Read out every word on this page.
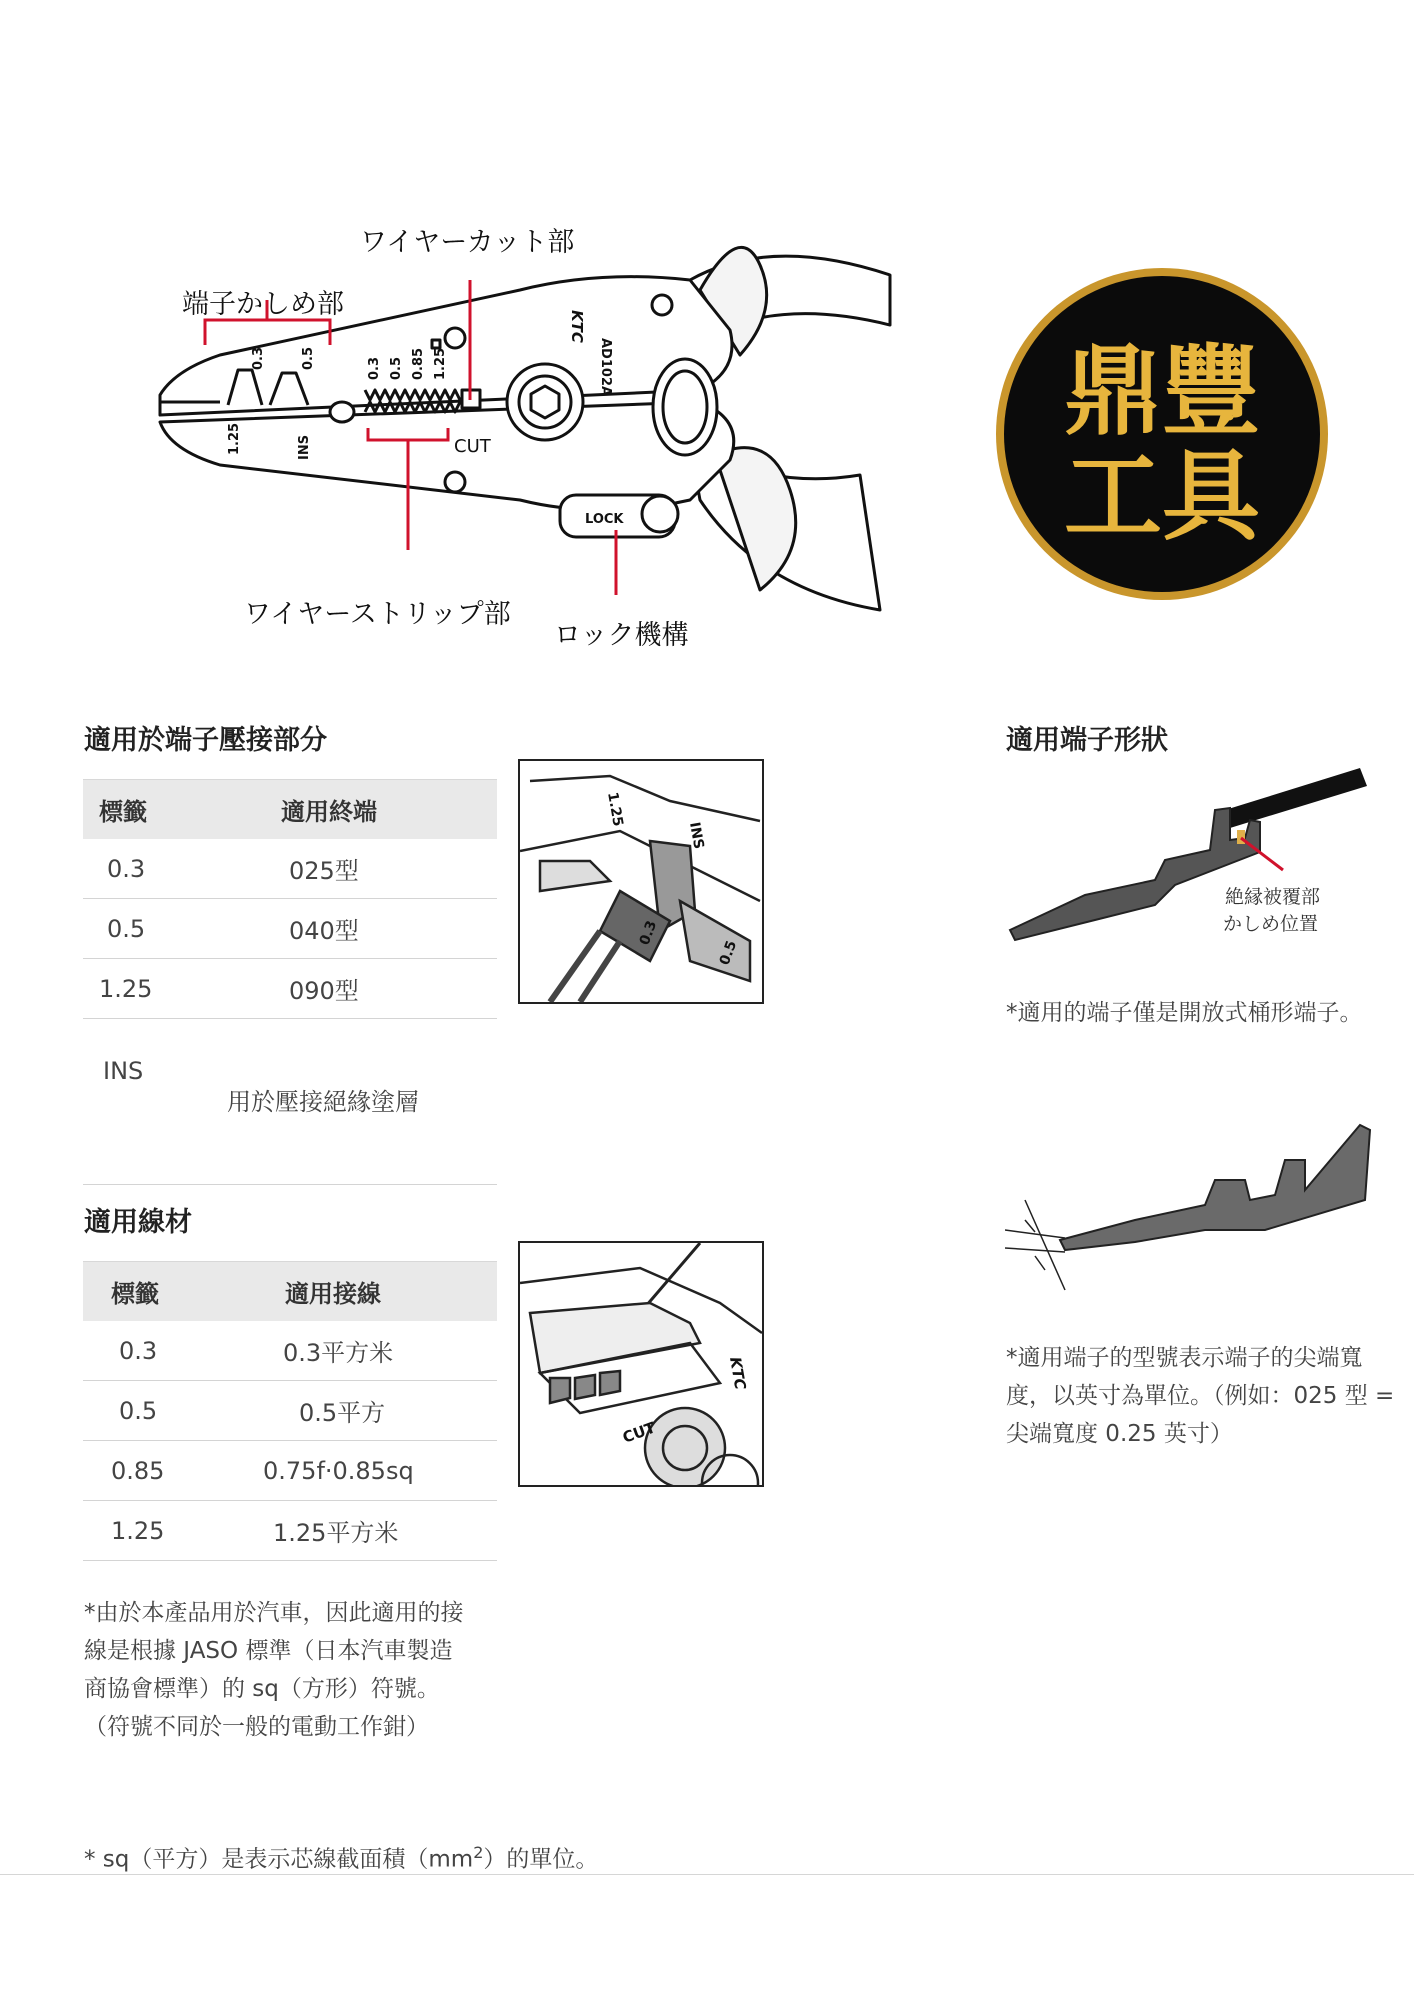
0.3	0.5
1.25	INS
0.3 0.5 0.85 1.25
KTC
AD102A
CUT
LOCK
ワイヤーカット部
端子かしめ部
ワイヤーストリップ部
ロック機構
鼎豐
工具
適用於端子壓接部分
標籤	適用終端
0.3	025型
0.5	040型
1.25	090型
INS	用於壓接絕緣塗層
1.25
INS
0.3
0.5
適用線材
標籤	適用接線
0.3	0.3平方米
0.5	0.5平方
0.85	0.75f·0.85sq
1.25	1.25平方米
CUT
KTC
*由於本產品用於汽車，因此適用的接線是根據 JASO 標準（日本汽車製造商協會標準）的 sq（方形）符號。（符號不同於一般的電動工作鉗）
適用端子形狀
絶縁被覆部
かしめ位置
*適用的端子僅是開放式桶形端子。
*適用端子的型號表示端子的尖端寬度，以英寸為單位。（例如：025 型 = 尖端寬度 0.25 英寸）
* sq（平方）是表示芯線截面積$(mm^2)$的單位。
